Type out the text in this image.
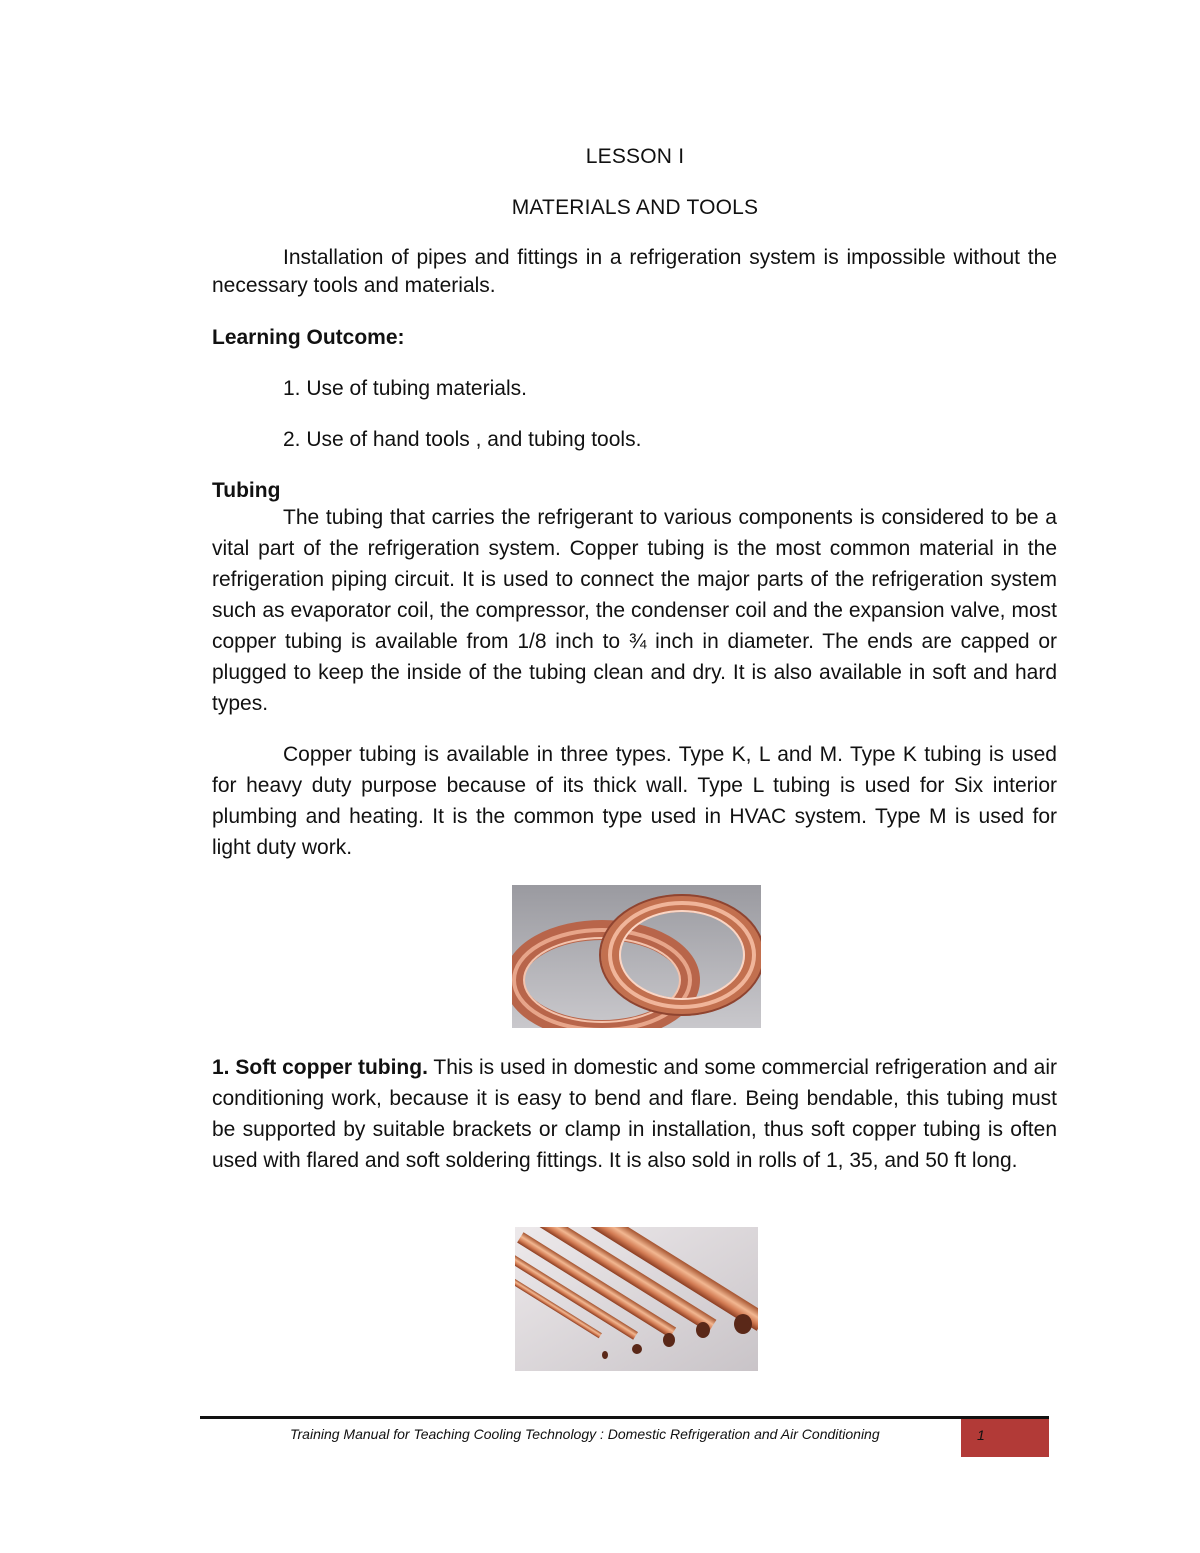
LESSON I

MATERIALS AND TOOLS

Installation of pipes and fittings in a refrigeration system is impossible without the necessary tools and materials.

Learning Outcome:

1. Use of tubing materials.

2. Use of hand tools , and tubing tools.

Tubing

The tubing that carries the refrigerant to various components is considered to be a vital part of the refrigeration system. Copper tubing is the most common material in the refrigeration piping circuit. It is used to connect the major parts of the refrigeration system such as evaporator coil, the compressor, the condenser coil and the expansion valve, most copper tubing is available from 1/8 inch to ¾ inch in diameter. The ends are capped or plugged to keep the inside of the tubing clean and dry. It is also available in soft and hard types.

Copper tubing is available in three types. Type K, L and M. Type K tubing is used for heavy duty purpose because of its thick wall. Type L tubing is used for Six interior plumbing and heating. It is the common type used in HVAC system. Type M is used for light duty work.

1. Soft copper tubing. This is used in domestic and some commercial refrigeration and air conditioning work, because it is easy to bend and flare. Being bendable, this tubing must be supported by suitable brackets or clamp in installation, thus soft copper tubing is often used with flared and soft soldering fittings. It is also sold in rolls of 1, 35, and 50 ft long.

Training Manual for Teaching Cooling Technology : Domestic Refrigeration and Air Conditioning	1
